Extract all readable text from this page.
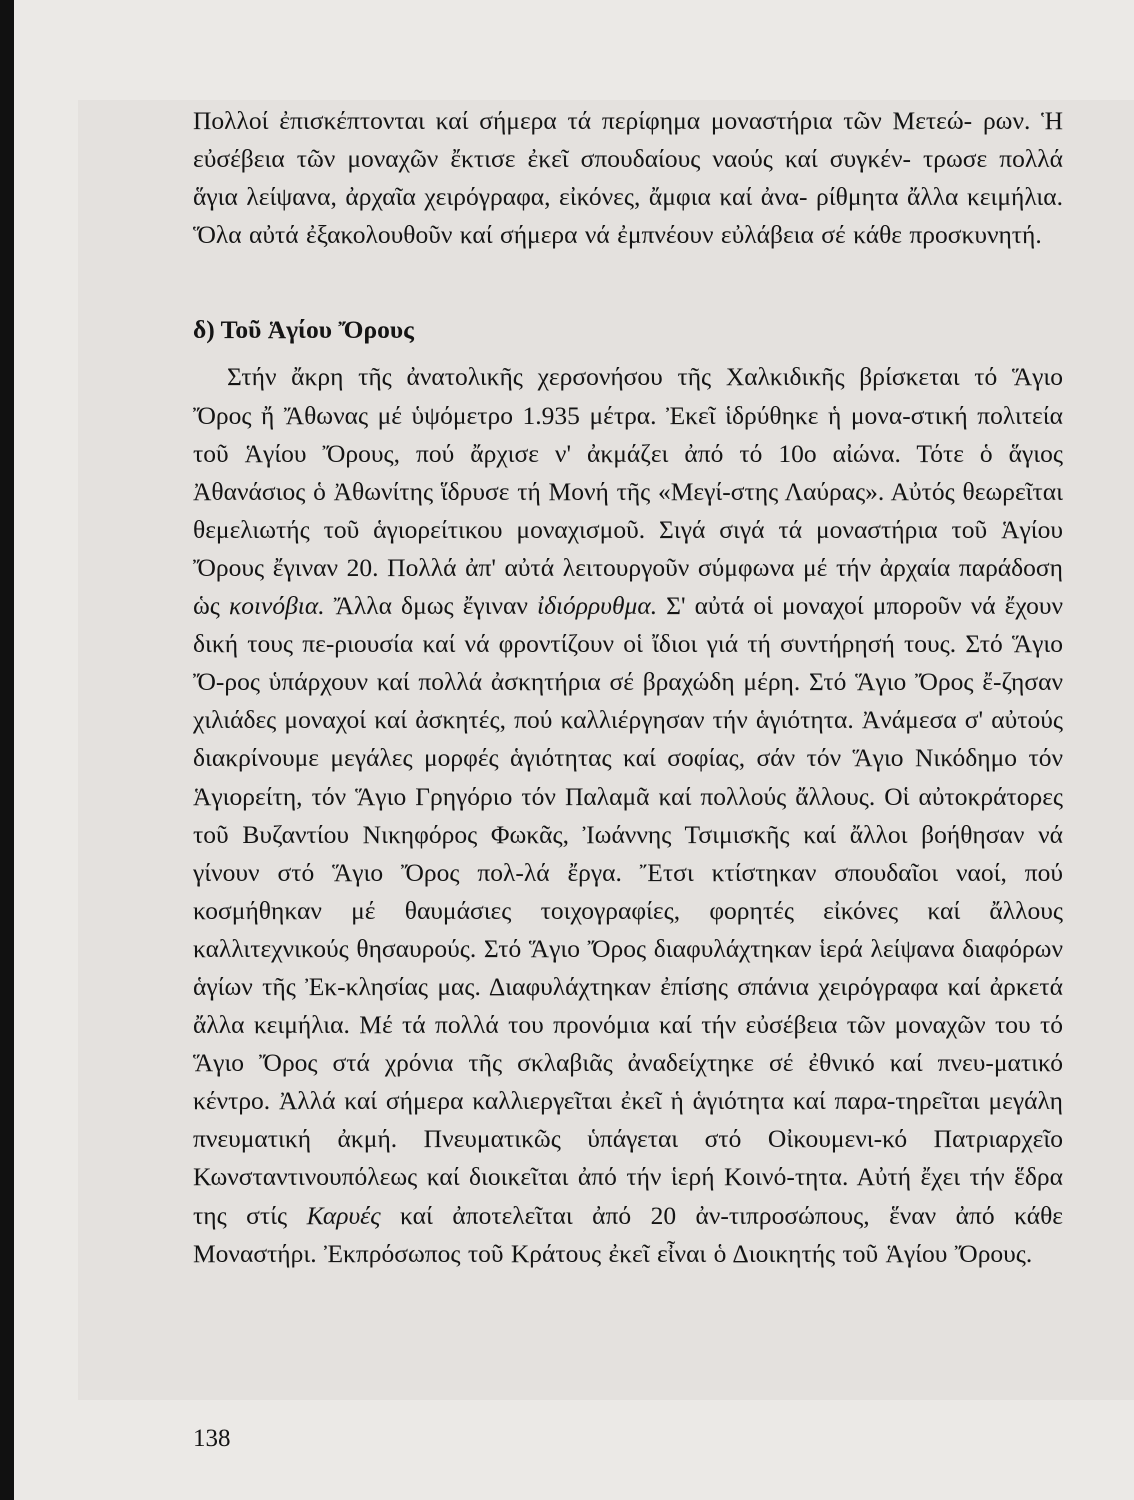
Πολλοί ἐπισκέπτονται καί σήμερα τά περίφημα μοναστήρια τῶν Μετεώ- ρων. Ἡ εὐσέβεια τῶν μοναχῶν ἔκτισε ἐκεῖ σπουδαίους ναούς καί συγκέν- τρωσε πολλά ἅγια λείψανα, ἀρχαῖα χειρόγραφα, εἰκόνες, ἄμφια καί ἀνα- ρίθμητα ἄλλα κειμήλια. Ὅλα αὐτά ἐξακολουθοῦν καί σήμερα νά ἐμπνέουν εὐλάβεια σέ κάθε προσκυνητή.

δ) Τοῦ Ἁγίου Ὄρους

Στήν ἄκρη τῆς ἀνατολικῆς χερσονήσου τῆς Χαλκιδικῆς βρίσκεται τό Ἅγιο Ὄρος ἤ Ἄθωνας μέ ὑψόμετρο 1.935 μέτρα. Ἐκεῖ ἱδρύθηκε ἡ μονα-στική πολιτεία τοῦ Ἁγίου Ὄρους, πού ἄρχισε ν' ἀκμάζει ἀπό τό 10ο αἰώνα. Τότε ὁ ἅγιος Ἀθανάσιος ὁ Ἀθωνίτης ἵδρυσε τή Μονή τῆς «Μεγί-στης Λαύρας». Αὐτός θεωρεῖται θεμελιωτής τοῦ ἁγιορείτικου μοναχισμοῦ. Σιγά σιγά τά μοναστήρια τοῦ Ἁγίου Ὄρους ἔγιναν 20. Πολλά ἀπ' αὐτά λειτουργοῦν σύμφωνα μέ τήν ἀρχαία παράδοση ὡς κοινόβια. Ἄλλα δμως ἔγιναν ἰδιόρρυθμα. Σ' αὐτά οἱ μοναχοί μποροῦν νά ἔχουν δική τους πε-ριουσία καί νά φροντίζουν οἱ ἴδιοι γιά τή συντήρησή τους. Στό Ἅγιο Ὄ-ρος ὑπάρχουν καί πολλά ἀσκητήρια σέ βραχώδη μέρη. Στό Ἅγιο Ὄρος ἔ-ζησαν χιλιάδες μοναχοί καί ἀσκητές, πού καλλιέργησαν τήν ἁγιότητα. Ἀνάμεσα σ' αὐτούς διακρίνουμε μεγάλες μορφές ἁγιότητας καί σοφίας, σάν τόν Ἅγιο Νικόδημο τόν Ἁγιορείτη, τόν Ἅγιο Γρηγόριο τόν Παλαμᾶ καί πολλούς ἄλλους. Οἱ αὐτοκράτορες τοῦ Βυζαντίου Νικηφόρος Φωκᾶς, Ἰωάννης Τσιμισκῆς καί ἄλλοι βοήθησαν νά γίνουν στό Ἅγιο Ὄρος πολ-λά ἔργα. Ἔτσι κτίστηκαν σπουδαῖοι ναοί, πού κοσμήθηκαν μέ θαυμάσιες τοιχογραφίες, φορητές εἰκόνες καί ἄλλους καλλιτεχνικούς θησαυρούς. Στό Ἅγιο Ὄρος διαφυλάχτηκαν ἱερά λείψανα διαφόρων ἁγίων τῆς Ἐκ-κλησίας μας. Διαφυλάχτηκαν ἐπίσης σπάνια χειρόγραφα καί ἀρκετά ἄλλα κειμήλια. Μέ τά πολλά του προνόμια καί τήν εὐσέβεια τῶν μοναχῶν του τό Ἅγιο Ὄρος στά χρόνια τῆς σκλαβιᾶς ἀναδείχτηκε σέ ἐθνικό καί πνευ-ματικό κέντρο. Ἀλλά καί σήμερα καλλιεργεῖται ἐκεῖ ἡ ἁγιότητα καί παρα-τηρεῖται μεγάλη πνευματική ἀκμή. Πνευματικῶς ὑπάγεται στό Οἰκουμενι-κό Πατριαρχεῖο Κωνσταντινουπόλεως καί διοικεῖται ἀπό τήν ἱερή Κοινό-τητα. Αὐτή ἔχει τήν ἕδρα της στίς Καρυές καί ἀποτελεῖται ἀπό 20 ἀν-τιπροσώπους, ἕναν ἀπό κάθε Μοναστήρι. Ἐκπρόσωπος τοῦ Κράτους ἐκεῖ εἶναι ὁ Διοικητής τοῦ Ἁγίου Ὄρους.

138
